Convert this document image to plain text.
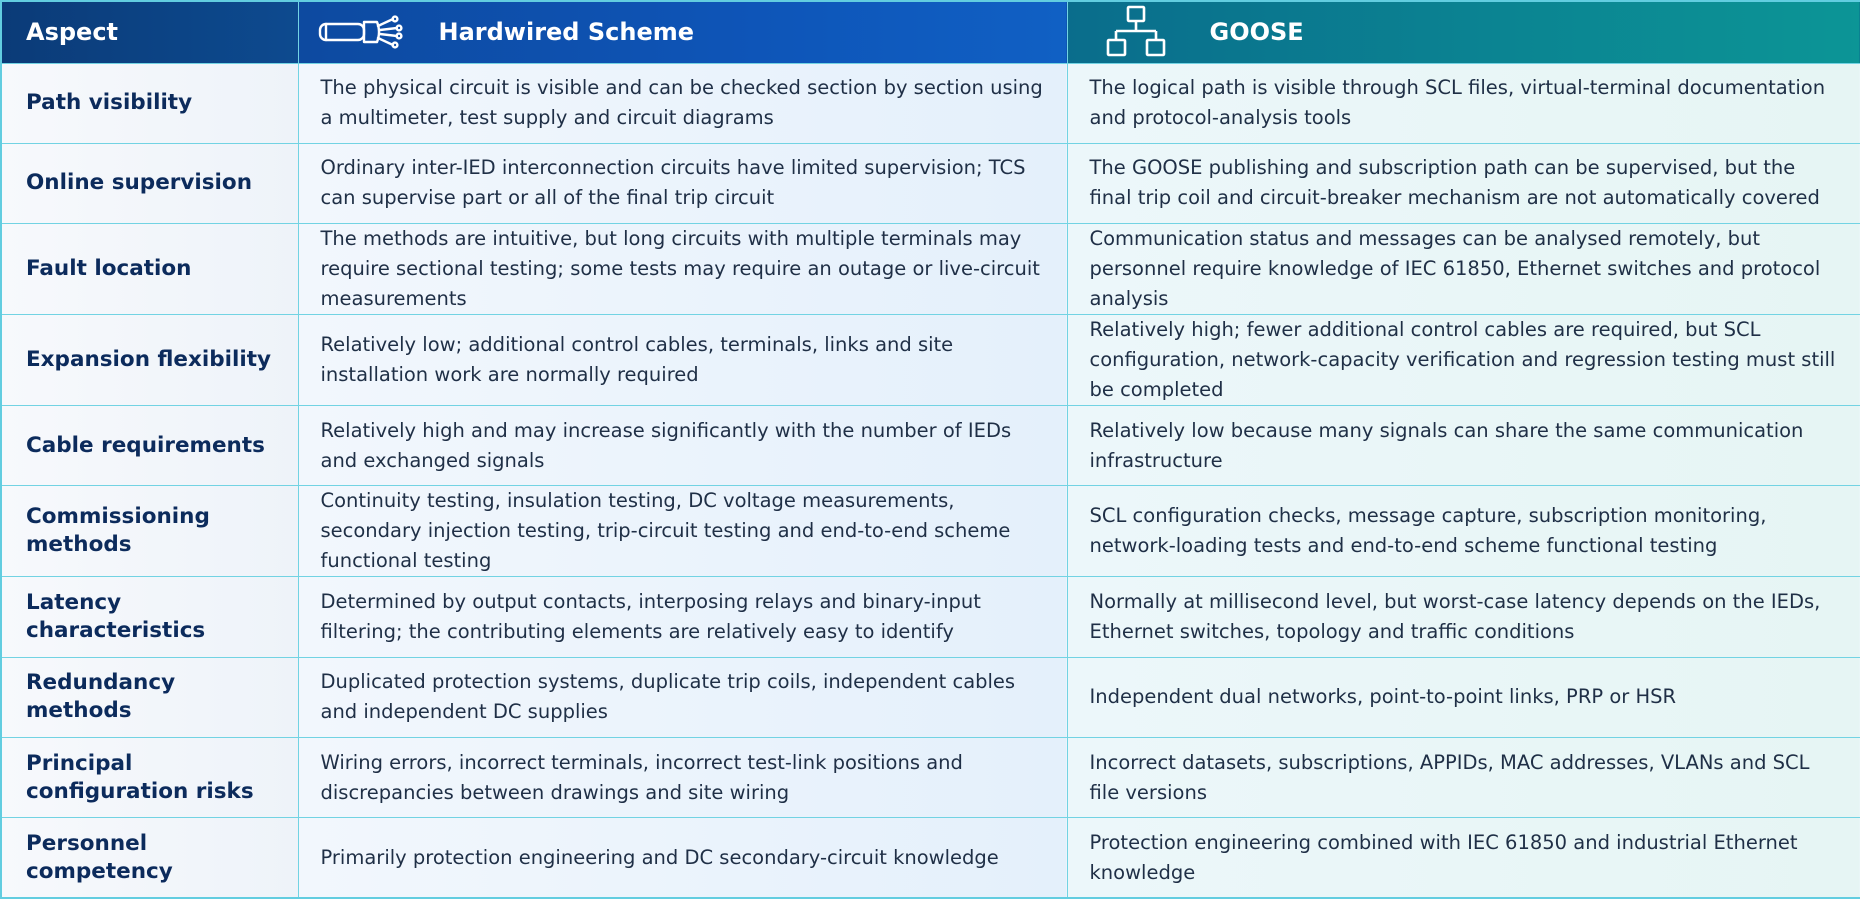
Aspect	Hardwired Scheme	GOOSE

Path visibility	The physical circuit is visible and can be checked section by section using a multimeter, test supply and circuit diagrams	The logical path is visible through SCL files, virtual-terminal documentation and protocol-analysis tools
Online supervision	Ordinary inter-IED interconnection circuits have limited supervision; TCS can supervise part or all of the final trip circuit	The GOOSE publishing and subscription path can be supervised, but the final trip coil and circuit-breaker mechanism are not automatically covered
Fault location	The methods are intuitive, but long circuits with multiple terminals may require sectional testing; some tests may require an outage or live-circuit measurements	Communication status and messages can be analysed remotely, but personnel require knowledge of IEC 61850, Ethernet switches and protocol analysis
Expansion flexibility	Relatively low; additional control cables, terminals, links and site installation work are normally required	Relatively high; fewer additional control cables are required, but SCL configuration, network-capacity verification and regression testing must still be completed
Cable requirements	Relatively high and may increase significantly with the number of IEDs and exchanged signals	Relatively low because many signals can share the same communication infrastructure
Commissioning methods	Continuity testing, insulation testing, DC voltage measurements, secondary injection testing, trip-circuit testing and end-to-end scheme functional testing	SCL configuration checks, message capture, subscription monitoring, network-loading tests and end-to-end scheme functional testing
Latency characteristics	Determined by output contacts, interposing relays and binary-input filtering; the contributing elements are relatively easy to identify	Normally at millisecond level, but worst-case latency depends on the IEDs, Ethernet switches, topology and traffic conditions
Redundancy methods	Duplicated protection systems, duplicate trip coils, independent cables and independent DC supplies	Independent dual networks, point-to-point links, PRP or HSR
Principal configuration risks	Wiring errors, incorrect terminals, incorrect test-link positions and discrepancies between drawings and site wiring	Incorrect datasets, subscriptions, APPIDs, MAC addresses, VLANs and SCL file versions
Personnel competency	Primarily protection engineering and DC secondary-circuit knowledge	Protection engineering combined with IEC 61850 and industrial Ethernet knowledge
